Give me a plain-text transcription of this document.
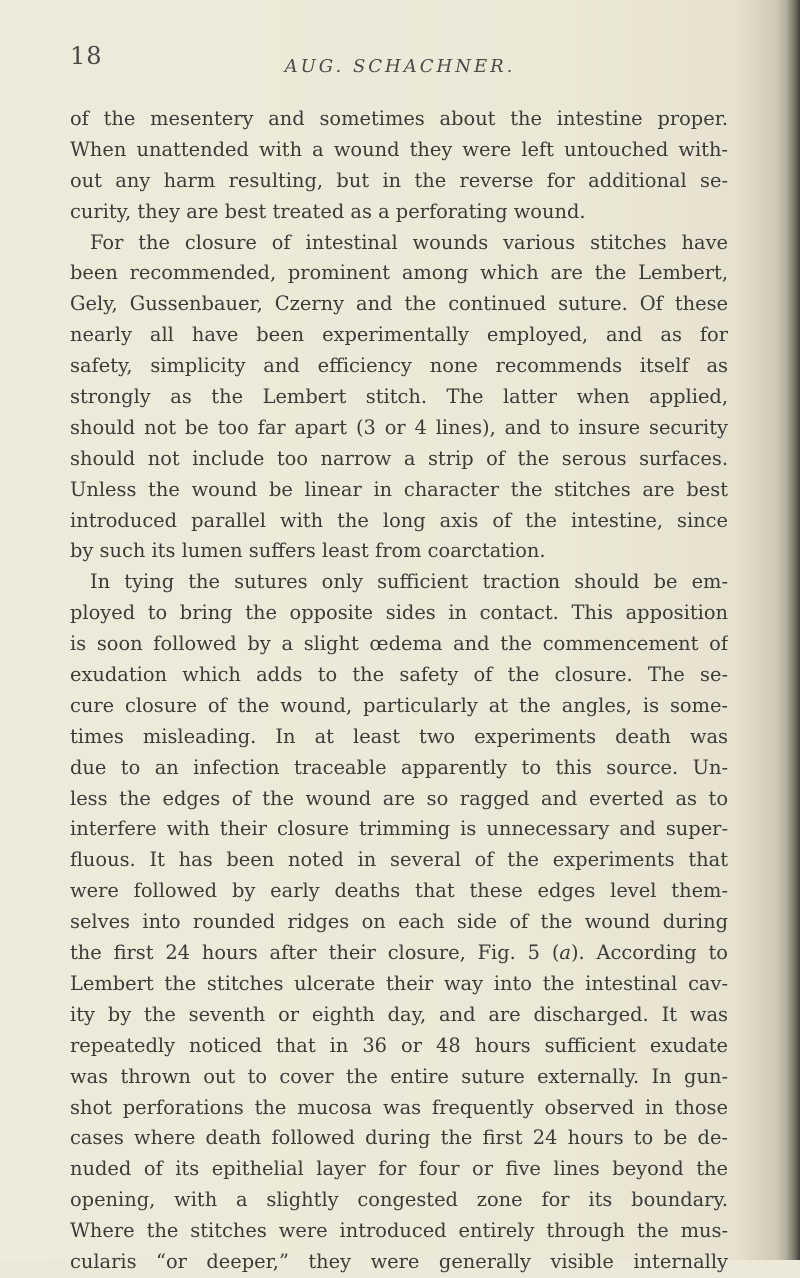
18	AUG. SCHACHNER.
of the mesentery and sometimes about the intestine proper.
When unattended with a wound they were left untouched with-
out any harm resulting, but in the reverse for additional se-
curity, they are best treated as a perforating wound.
For the closure of intestinal wounds various stitches have
been recommended, prominent among which are the Lembert,
Gely, Gussenbauer, Czerny and the continued suture. Of these
nearly all have been experimentally employed, and as for
safety, simplicity and efficiency none recommends itself as
strongly as the Lembert stitch. The latter when applied,
should not be too far apart (3 or 4 lines), and to insure security
should not include too narrow a strip of the serous surfaces.
Unless the wound be linear in character the stitches are best
introduced parallel with the long axis of the intestine, since
by such its lumen suffers least from coarctation.
In tying the sutures only sufficient traction should be em-
ployed to bring the opposite sides in contact. This apposition
is soon followed by a slight œdema and the commencement of
exudation which adds to the safety of the closure. The se-
cure closure of the wound, particularly at the angles, is some-
times misleading. In at least two experiments death was
due to an infection traceable apparently to this source. Un-
less the edges of the wound are so ragged and everted as to
interfere with their closure trimming is unnecessary and super-
fluous. It has been noted in several of the experiments that
were followed by early deaths that these edges level them-
selves into rounded ridges on each side of the wound during
the first 24 hours after their closure, Fig. 5 (a). According to
Lembert the stitches ulcerate their way into the intestinal cav-
ity by the seventh or eighth day, and are discharged. It was
repeatedly noticed that in 36 or 48 hours sufficient exudate
was thrown out to cover the entire suture externally. In gun-
shot perforations the mucosa was frequently observed in those
cases where death followed during the first 24 hours to be de-
nuded of its epithelial layer for four or five lines beyond the
opening, with a slightly congested zone for its boundary.
Where the stitches were introduced entirely through the mus-
cularis “or deeper,” they were generally visible internally
